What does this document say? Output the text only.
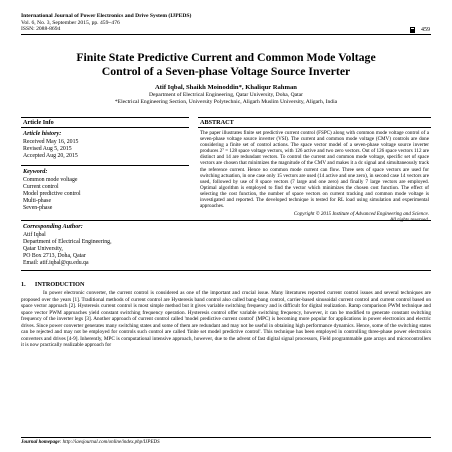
International Journal of Power Electronics and Drive System (IJPEDS)
Vol. 6, No. 3, September 2015, pp. 459~476
ISSN: 2088-8694	459
Finite State Predictive Current and Common Mode Voltage
Control of a Seven-phase Voltage Source Inverter
Atif Iqbal, Shaikh Moinoddin*, Khaliqur Rahman
Department of Electrical Engineering, Qatar University, Doha, Qatar
*Electrical Engineering Section, University Polytechnic, Aligarh Muslim University, Aligarh, India
Article Info
Article history:
Received May 16, 2015
Revised Aug 5, 2015
Accepted Aug 20, 2015
Keyword:
Common mode voltage
Current control
Model predictive control
Multi-phase
Seven-phase
ABSTRACT
The paper illustrates finite set predictive current control (FSPC) along with common mode voltage control of a seven-phase voltage source inverter (VSI). The current and common mode voltage (CMV) controls are done considering a finite set of control actions. The space vector model of a seven-phase voltage source inverter produces 2⁷ = 128 space voltage vectors, with 126 active and two zero vectors. Out of 126 space vectors 112 are distinct and 14 are redundant vectors. To control the current and common mode voltage, specific set of space vectors are chosen that minimizes the magnitude of the CMV and makes it a dc signal and simultaneously track the reference current. Hence no common mode current can flow. Three sets of space vectors are used for switching actuation, in one case only 15 vectors are used (14 active and one zero), in second case 14 vectors are used, followed by use of 8 space vectors (7 large and one zero) and finally 7 large vectors are employed. Optimal algorithm is employed to find the vector which minimizes the chosen cost function. The effect of selecting the cost function, the number of space vectors on current tracking and common mode voltage is investigated and reported. The developed technique is tested for RL load using simulation and experimental approaches.
Copyright © 2015 Institute of Advanced Engineering and Science.
All rights reserved.
Corresponding Author:
Atif Iqbal
Department of Electrical Engineering,
Qatar University,
PO Box 2713, Doha, Qatar
Email: atif.iqbal@qu.edu.qa
1.      INTRODUCTION
In power electronic converter, the current control is considered as one of the important and crucial issue. Many literatures reported current control issues and several techniques are proposed over the years [1]. Traditional methods of current control are Hysteresis band control also called bang-bang control, carrier-based sinusoidal current control and current control based on space vector approach [2]. Hysteresis current control is most simple method but it gives variable switching frequency and is difficult for digital realization. Ramp comparison PWM technique and space vector PWM approaches yield constant switching frequency operation. Hysteresis control offer variable switching frequency, however, it can be modified to generate constant switching frequency of the inverter legs [3]. Another approach of current control called 'model predictive current control' (MPC) is becoming more popular for applications in power electronics and electric drives. Since power converter generates many switching states and some of them are redundant and may not be useful in obtaining high performance dynamics. Hence, some of the switching states can be rejected and may not be employed for controls such control are called 'finite set model predictive control'. This technique has been employed in controlling three-phase power electronics converters and drives [4-9]. Inherently, MPC is computational intensive approach, however, due to the advent of fast digital signal processors, Field programmable gate arrays and microcontrollers it is now practically realizable approach for
Journal homepage: http://iaesjournal.com/online/index.php/IJPEDS
